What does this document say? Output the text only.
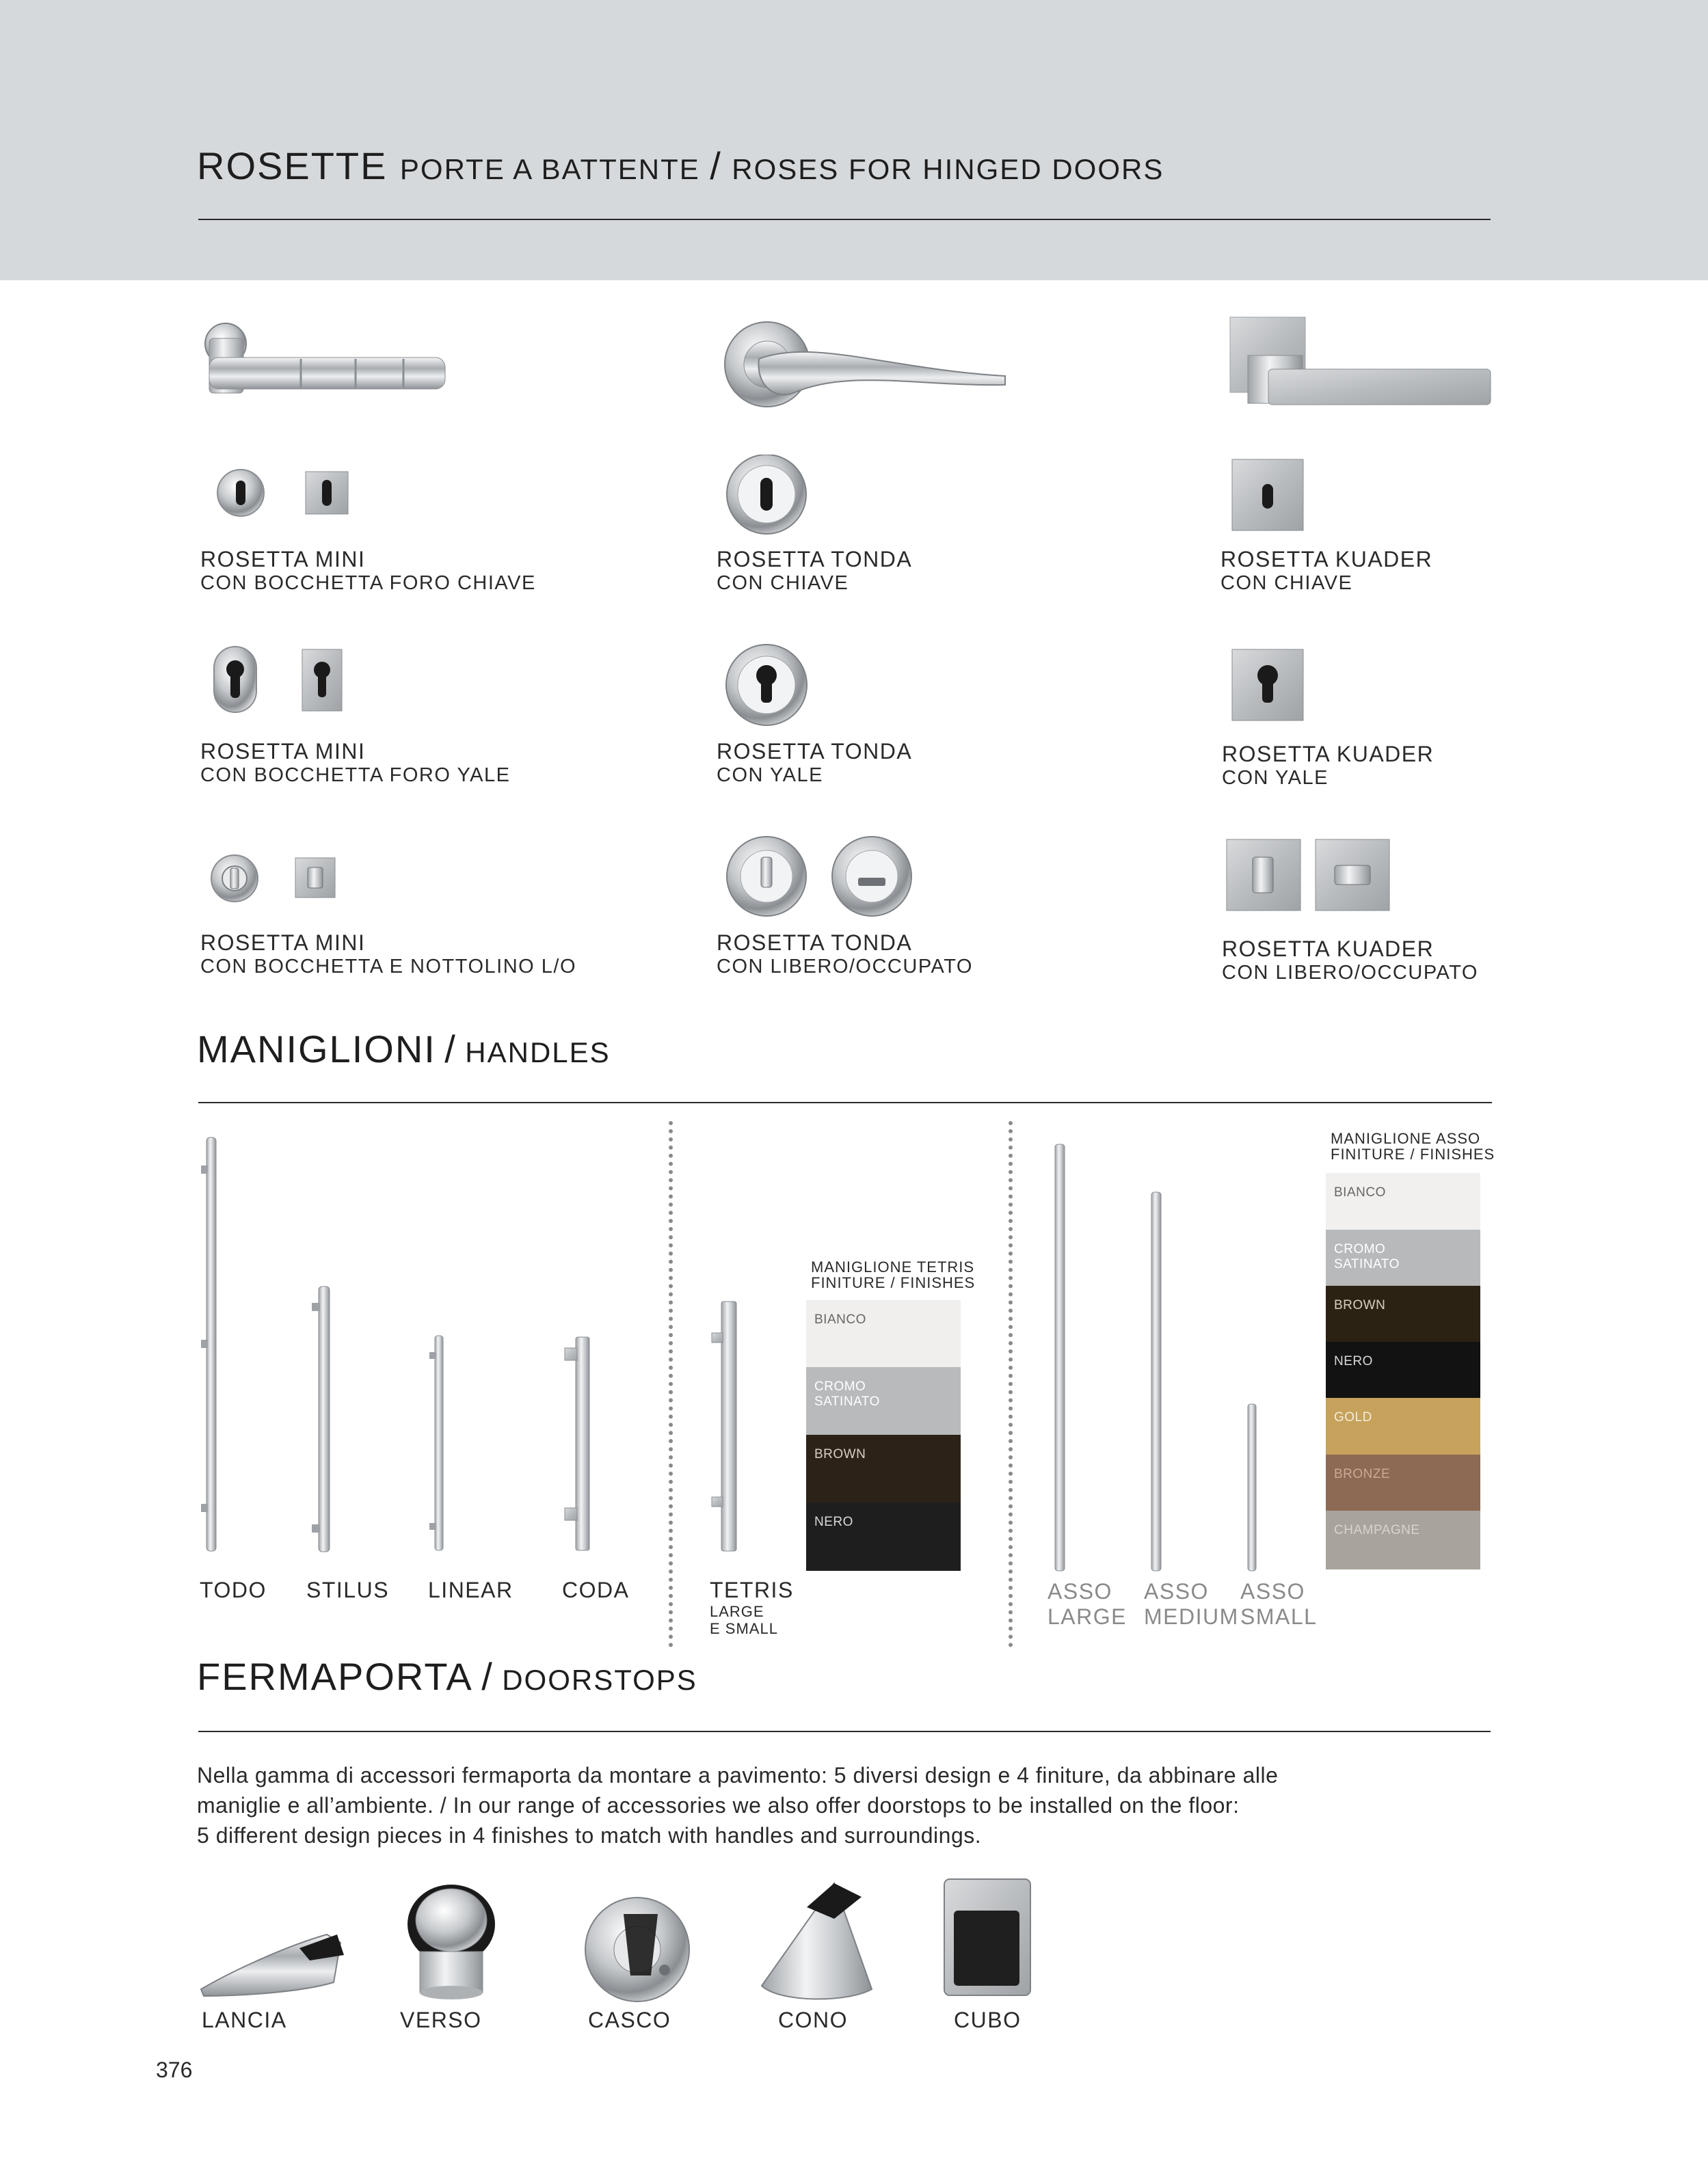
ROSETTE PORTE A BATTENTE / ROSES FOR HINGED DOORS
ROSETTA MINI
CON BOCCHETTA FORO CHIAVE
ROSETTA TONDA
CON CHIAVE
ROSETTA KUADER
CON CHIAVE
ROSETTA MINI
CON BOCCHETTA FORO YALE
ROSETTA TONDA
CON YALE
ROSETTA KUADER
CON YALE
ROSETTA MINI
CON BOCCHETTA E NOTTOLINO L/O
ROSETTA TONDA
CON LIBERO/OCCUPATO
ROSETTA KUADER
CON LIBERO/OCCUPATO
MANIGLIONI / HANDLES
TODO STILUS LINEAR CODA	TETRIS
LARGE
E SMALL
ASSO
LARGE
ASSO
MEDIUM
ASSO
SMALL
MANIGLIONE TETRIS
FINITURE / FINISHES
BIANCO
CROMO
SATINATO
BROWN
NERO
MANIGLIONE ASSO
FINITURE / FINISHES
BIANCO
CROMO
SATINATO
BROWN
NERO
GOLD
BRONZE
CHAMPAGNE
FERMAPORTA / DOORSTOPS
Nella gamma di accessori fermaporta da montare a pavimento: 5 diversi design e 4 finiture, da abbinare alle
maniglie e all’ambiente. / In our range of accessories we also offer doorstops to be installed on the floor:
5 different design pieces in 4 finishes to match with handles and surroundings.
LANCIA	VERSO	CASCO	CONO	CUBO
376
